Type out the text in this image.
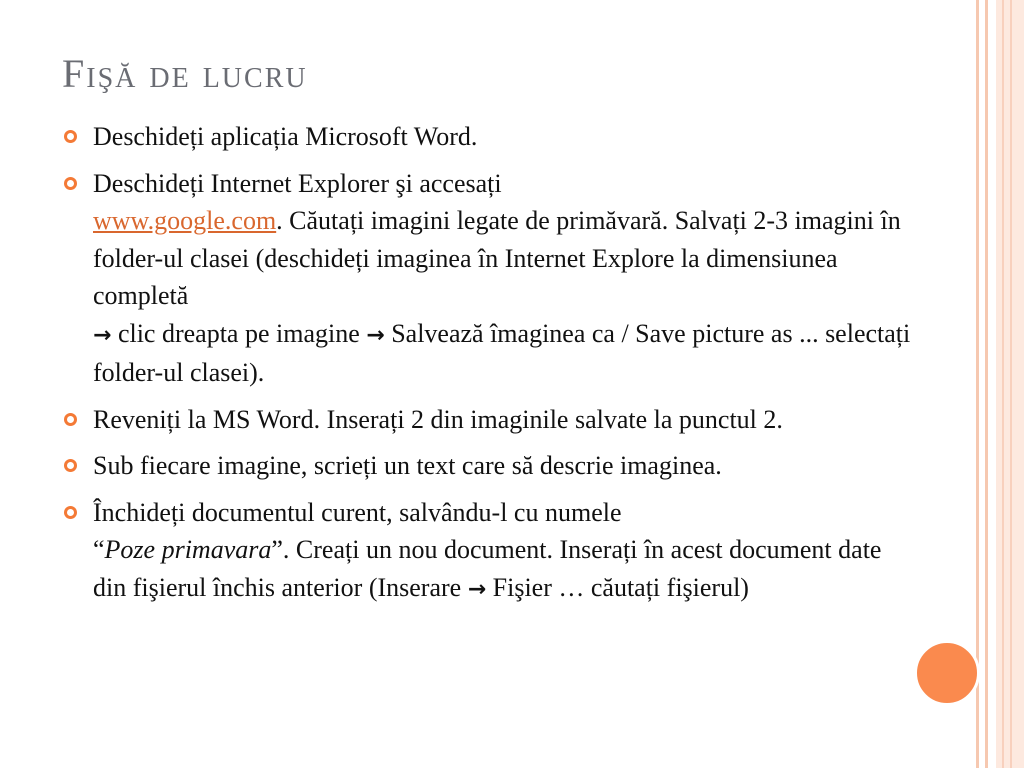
Fişă de lucru
Deschideți aplicația Microsoft Word.
Deschideți Internet Explorer şi accesați
www.google.com. Căutați imagini legate de primăvară. Salvați 2-3 imagini în folder-ul clasei (deschideți imaginea în Internet Explore la dimensiunea completă
→ clic dreapta pe imagine → Salvează îmaginea ca / Save picture as ... selectați folder-ul clasei).
Reveniți la MS Word. Inserați 2 din imaginile salvate la punctul 2.
Sub fiecare imagine, scrieți un text care să descrie imaginea.
Închideți documentul curent, salvându-l cu numele
“Poze primavara”. Creați un nou document. Inserați în acest document date din fişierul închis anterior (Inserare → Fişier … căutați fişierul)
